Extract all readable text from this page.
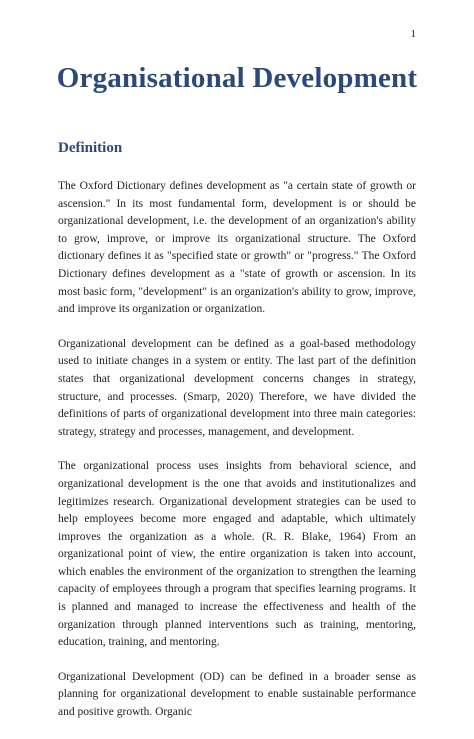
1
Organisational Development
Definition

The Oxford Dictionary defines development as "a certain state of growth or ascension." In its most fundamental form, development is or should be organizational development, i.e. the development of an organization's ability to grow, improve, or improve its organizational structure. The Oxford dictionary defines it as "specified state or growth" or "progress." The Oxford Dictionary defines development as a "state of growth or ascension. In its most basic form, "development" is an organization's ability to grow, improve, and improve its organization or organization.

Organizational development can be defined as a goal-based methodology used to initiate changes in a system or entity. The last part of the definition states that organizational development concerns changes in strategy, structure, and processes. (Smarp, 2020) Therefore, we have divided the definitions of parts of organizational development into three main categories: strategy, strategy and processes, management, and development.

The organizational process uses insights from behavioral science, and organizational development is the one that avoids and institutionalizes and legitimizes research. Organizational development strategies can be used to help employees become more engaged and adaptable, which ultimately improves the organization as a whole. (R. R. Blake, 1964) From an organizational point of view, the entire organization is taken into account, which enables the environment of the organization to strengthen the learning capacity of employees through a program that specifies learning programs. It is planned and managed to increase the effectiveness and health of the organization through planned interventions such as training, mentoring, education, training, and mentoring.

Organizational Development (OD) can be defined in a broader sense as planning for organizational development to enable sustainable performance and positive growth. Organic
